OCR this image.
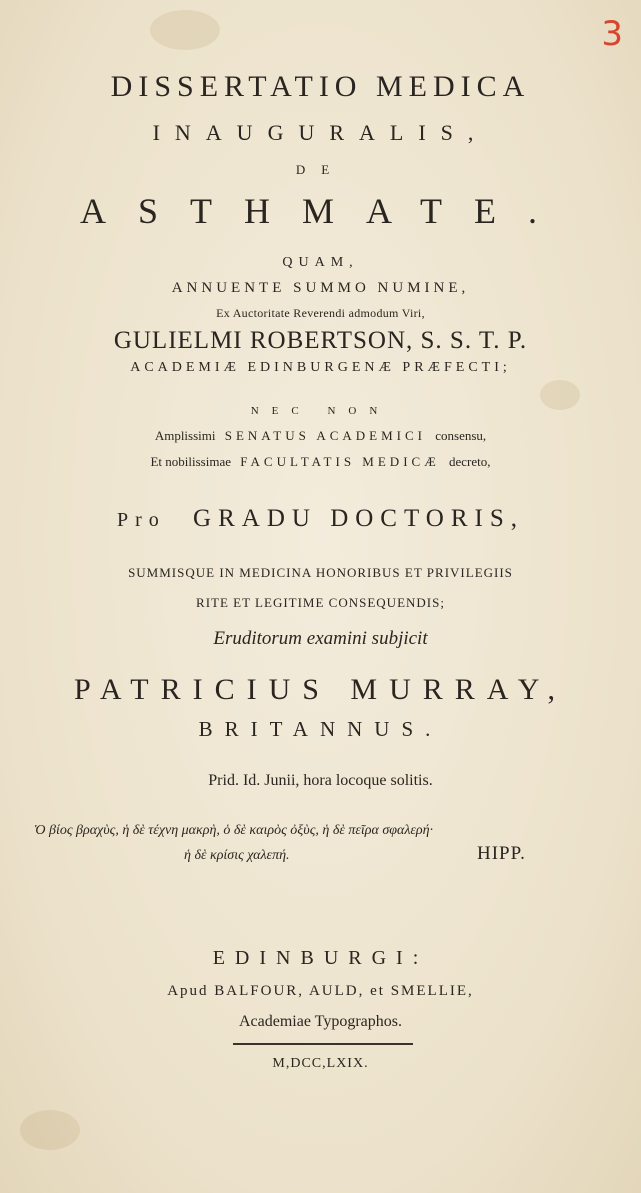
3
DISSERTATIO MEDICA
INAUGURALIS,
DE
ASTHMATE.
QUAM,
ANNUENTE SUMMO NUMINE,
Ex Auctoritate Reverendi admodum Viri,
GULIELMI ROBERTSON, S. S. T. P.
ACADEMIÆ EDINBURGENÆ PRÆFECTI;
NEC NON
Amplissimi SENATUS ACADEMICI consensu,
Et nobilissimae FACULTATIS MEDICÆ decreto,
Pro GRADU DOCTORIS,
SUMMISQUE IN MEDICINA HONORIBUS ET PRIVILEGIIS
RITE ET LEGITIME CONSEQUENDIS;
Eruditorum examini subjicit
PATRICIUS MURRAY,
BRITANNUS.
Prid. Id. Junii, hora locoque solitis.
Ὁ βίος βραχὺς, ἡ δὲ τέχνη μακρὴ, ὁ δὲ καιρὸς ὀξὺς, ἡ δὲ πεῖρα σφαλερή·
ἡ δὲ κρίσις χαλεπή.	HIPP.
EDINBURGI:
Apud BALFOUR, AULD, et SMELLIE,
Academiae Typographos.
M,DCC,LXIX.
